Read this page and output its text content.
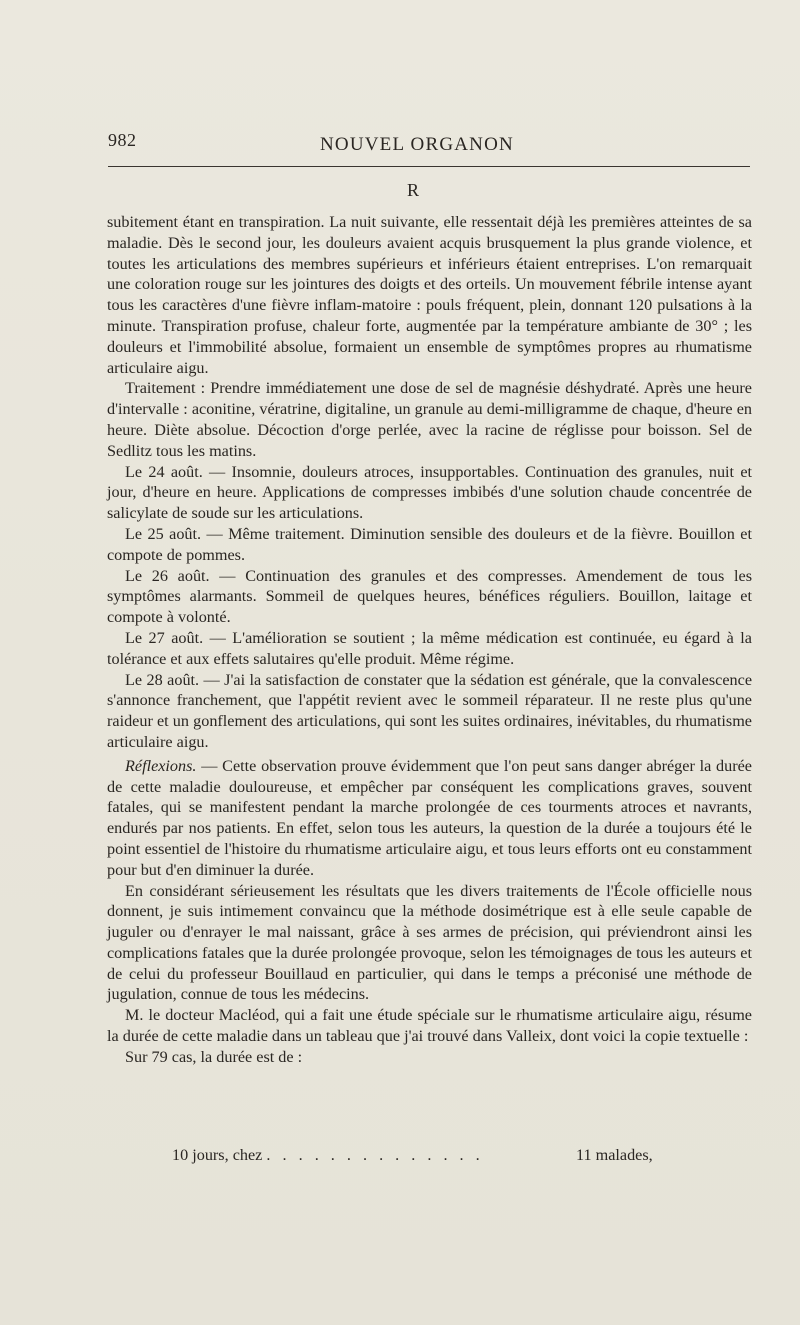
982	NOUVEL ORGANON
R

subitement étant en transpiration. La nuit suivante, elle ressentait déjà les premières atteintes de sa maladie. Dès le second jour, les douleurs avaient acquis brusquement la plus grande violence, et toutes les articulations des membres supérieurs et inférieurs étaient entreprises. L'on remarquait une coloration rouge sur les jointures des doigts et des orteils. Un mouvement fébrile intense ayant tous les caractères d'une fièvre inflam-matoire : pouls fréquent, plein, donnant 120 pulsations à la minute. Transpiration profuse, chaleur forte, augmentée par la température ambiante de 30° ; les douleurs et l'immobilité absolue, formaient un ensemble de symptômes propres au rhumatisme articulaire aigu.

Traitement : Prendre immédiatement une dose de sel de magnésie déshydraté. Après une heure d'intervalle : aconitine, vératrine, digitaline, un granule au demi-milligramme de chaque, d'heure en heure. Diète absolue. Décoction d'orge perlée, avec la racine de réglisse pour boisson. Sel de Sedlitz tous les matins.

Le 24 août. — Insomnie, douleurs atroces, insupportables. Continuation des granules, nuit et jour, d'heure en heure. Applications de compresses imbibés d'une solution chaude concentrée de salicylate de soude sur les articulations.

Le 25 août. — Même traitement. Diminution sensible des douleurs et de la fièvre. Bouillon et compote de pommes.

Le 26 août. — Continuation des granules et des compresses. Amendement de tous les symptômes alarmants. Sommeil de quelques heures, bénéfices réguliers. Bouillon, laitage et compote à volonté.

Le 27 août. — L'amélioration se soutient ; la même médication est continuée, eu égard à la tolérance et aux effets salutaires qu'elle produit. Même régime.

Le 28 août. — J'ai la satisfaction de constater que la sédation est générale, que la convalescence s'annonce franchement, que l'appétit revient avec le sommeil réparateur. Il ne reste plus qu'une raideur et un gonflement des articulations, qui sont les suites ordinaires, inévitables, du rhumatisme articulaire aigu.

Réflexions. — Cette observation prouve évidemment que l'on peut sans danger abréger la durée de cette maladie douloureuse, et empêcher par conséquent les complications graves, souvent fatales, qui se manifestent pendant la marche prolongée de ces tourments atroces et navrants, endurés par nos patients. En effet, selon tous les auteurs, la question de la durée a toujours été le point essentiel de l'histoire du rhumatisme articulaire aigu, et tous leurs efforts ont eu constamment pour but d'en diminuer la durée.

En considérant sérieusement les résultats que les divers traitements de l'École officielle nous donnent, je suis intimement convaincu que la méthode dosimétrique est à elle seule capable de juguler ou d'enrayer le mal naissant, grâce à ses armes de précision, qui préviendront ainsi les complications fatales que la durée prolongée provoque, selon les témoignages de tous les auteurs et de celui du professeur Bouillaud en particulier, qui dans le temps a préconisé une méthode de jugulation, connue de tous les médecins.

M. le docteur Macléod, qui a fait une étude spéciale sur le rhumatisme articulaire aigu, résume la durée de cette maladie dans un tableau que j'ai trouvé dans Valleix, dont voici la copie textuelle :

Sur 79 cas, la durée est de :

10 jours, chez . . . . . . . . . . . . . .	11 malades,
